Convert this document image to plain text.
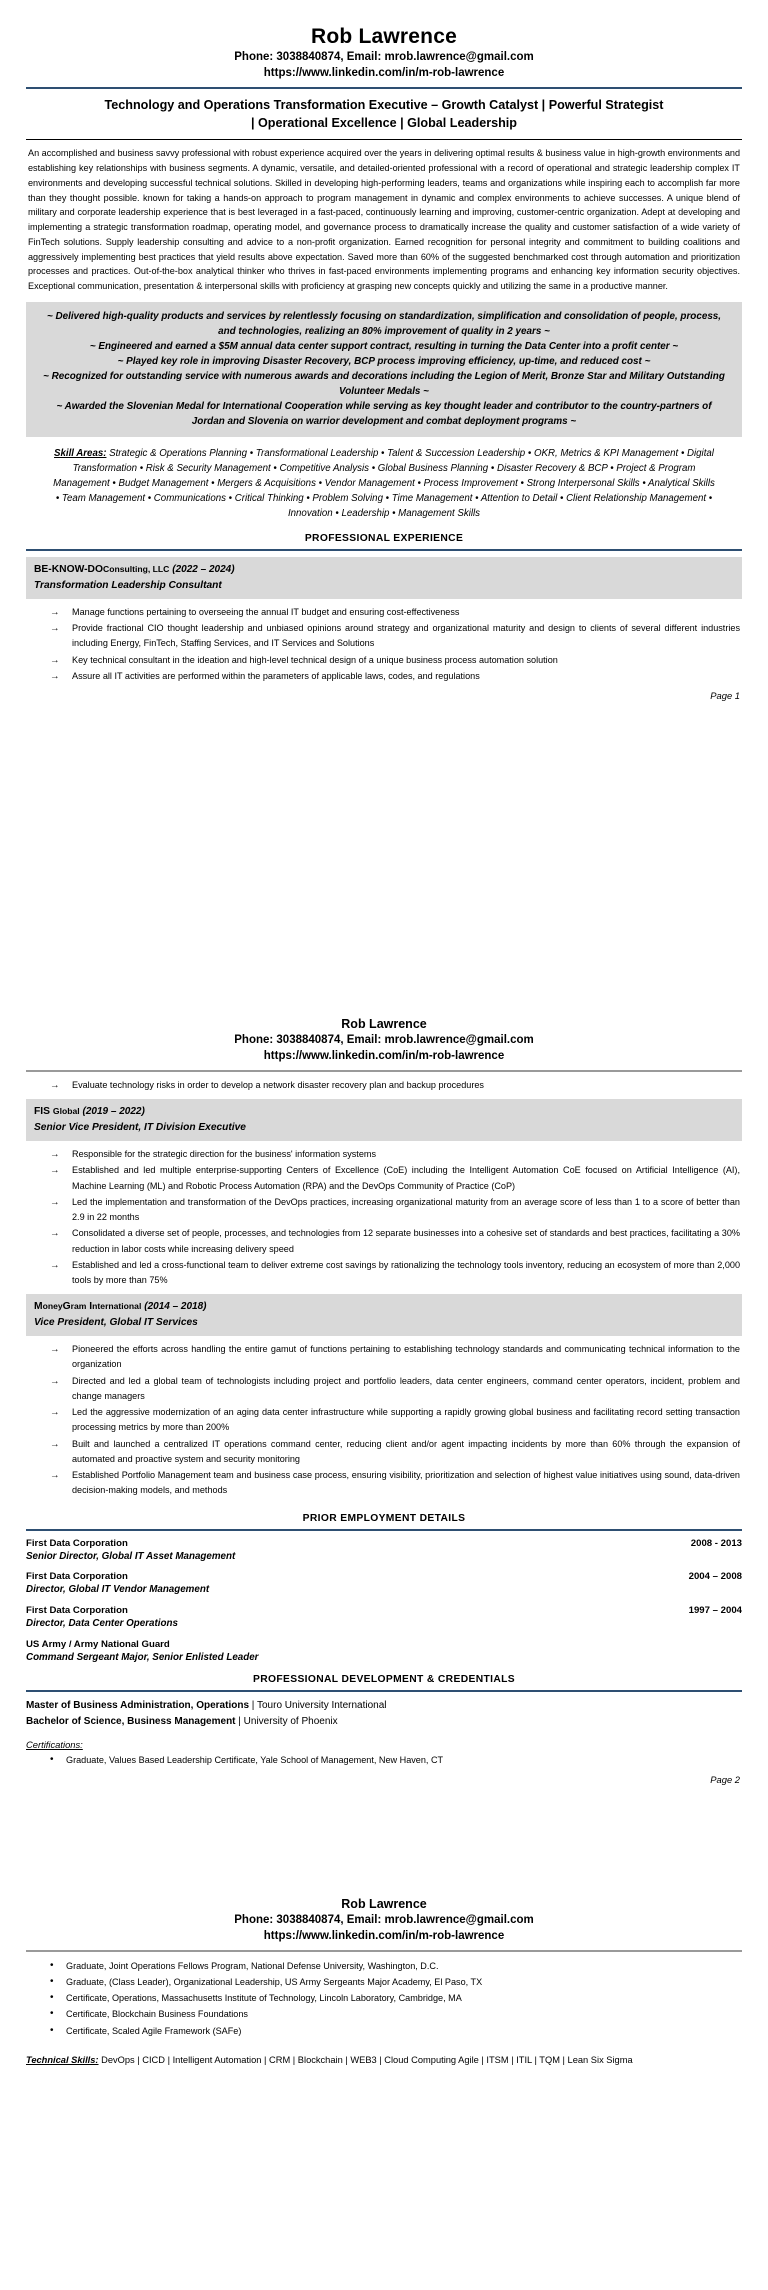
Rob Lawrence
Phone: 3038840874, Email: mrob.lawrence@gmail.com
https://www.linkedin.com/in/m-rob-lawrence
Technology and Operations Transformation Executive – Growth Catalyst | Powerful Strategist
| Operational Excellence | Global Leadership
An accomplished and business savvy professional with robust experience acquired over the years in delivering optimal results & business value in high-growth environments and establishing key relationships with business segments. A dynamic, versatile, and detailed-oriented professional with a record of operational and strategic leadership complex IT environments and developing successful technical solutions. Skilled in developing high-performing leaders, teams and organizations while inspiring each to accomplish far more than they thought possible. known for taking a hands-on approach to program management in dynamic and complex environments to achieve successes. A unique blend of military and corporate leadership experience that is best leveraged in a fast-paced, continuously learning and improving, customer-centric organization. Adept at developing and implementing a strategic transformation roadmap, operating model, and governance process to dramatically increase the quality and customer satisfaction of a wide variety of FinTech solutions. Supply leadership consulting and advice to a non-profit organization. Earned recognition for personal integrity and commitment to building coalitions and aggressively implementing best practices that yield results above expectation. Saved more than 60% of the suggested benchmarked cost through automation and prioritization processes and practices. Out-of-the-box analytical thinker who thrives in fast-paced environments implementing programs and enhancing key information security objectives. Exceptional communication, presentation & interpersonal skills with proficiency at grasping new concepts quickly and utilizing the same in a productive manner.
~ Delivered high-quality products and services by relentlessly focusing on standardization, simplification and consolidation of people, process, and technologies, realizing an 80% improvement of quality in 2 years ~
~ Engineered and earned a $5M annual data center support contract, resulting in turning the Data Center into a profit center ~
~ Played key role in improving Disaster Recovery, BCP process improving efficiency, up-time, and reduced cost ~
~ Recognized for outstanding service with numerous awards and decorations including the Legion of Merit, Bronze Star and Military Outstanding Volunteer Medals ~
~ Awarded the Slovenian Medal for International Cooperation while serving as key thought leader and contributor to the country-partners of Jordan and Slovenia on warrior development and combat deployment programs ~
Skill Areas: Strategic & Operations Planning • Transformational Leadership • Talent & Succession Leadership • OKR, Metrics & KPI Management • Digital Transformation • Risk & Security Management • Competitive Analysis • Global Business Planning • Disaster Recovery & BCP • Project & Program Management • Budget Management • Mergers & Acquisitions • Vendor Management • Process Improvement • Strong Interpersonal Skills • Analytical Skills • Team Management • Communications • Critical Thinking • Problem Solving • Time Management • Attention to Detail • Client Relationship Management • Innovation • Leadership • Management Skills
PROFESSIONAL EXPERIENCE
BE-KNOW-DOConsulting, LLC (2022 – 2024)
Transformation Leadership Consultant
→ Manage functions pertaining to overseeing the annual IT budget and ensuring cost-effectiveness
→ Provide fractional CIO thought leadership and unbiased opinions around strategy and organizational maturity and design to clients of several different industries including Energy, FinTech, Staffing Services, and IT Services and Solutions
→ Key technical consultant in the ideation and high-level technical design of a unique business process automation solution
→ Assure all IT activities are performed within the parameters of applicable laws, codes, and regulations
Page 1
Rob Lawrence
Phone: 3038840874, Email: mrob.lawrence@gmail.com
https://www.linkedin.com/in/m-rob-lawrence
→ Evaluate technology risks in order to develop a network disaster recovery plan and backup procedures
FIS Global (2019 – 2022)
Senior Vice President, IT Division Executive
→ Responsible for the strategic direction for the business' information systems
→ Established and led multiple enterprise-supporting Centers of Excellence (CoE) including the Intelligent Automation CoE focused on Artificial Intelligence (AI), Machine Learning (ML) and Robotic Process Automation (RPA) and the DevOps Community of Practice (CoP)
→ Led the implementation and transformation of the DevOps practices, increasing organizational maturity from an average score of less than 1 to a score of better than 2.9 in 22 months
→ Consolidated a diverse set of people, processes, and technologies from 12 separate businesses into a cohesive set of standards and best practices, facilitating a 30% reduction in labor costs while increasing delivery speed
→ Established and led a cross-functional team to deliver extreme cost savings by rationalizing the technology tools inventory, reducing an ecosystem of more than 2,000 tools by more than 75%
MoneyGram International (2014 – 2018)
Vice President, Global IT Services
→ Pioneered the efforts across handling the entire gamut of functions pertaining to establishing technology standards and communicating technical information to the organization
→ Directed and led a global team of technologists including project and portfolio leaders, data center engineers, command center operators, incident, problem and change managers
→ Led the aggressive modernization of an aging data center infrastructure while supporting a rapidly growing global business and facilitating record setting transaction processing metrics by more than 200%
→ Built and launched a centralized IT operations command center, reducing client and/or agent impacting incidents by more than 60% through the expansion of automated and proactive system and security monitoring
→ Established Portfolio Management team and business case process, ensuring visibility, prioritization and selection of highest value initiatives using sound, data-driven decision-making models, and methods
PRIOR EMPLOYMENT DETAILS
First Data Corporation	2008 - 2013
Senior Director, Global IT Asset Management
First Data Corporation	2004 – 2008
Director, Global IT Vendor Management
First Data Corporation	1997 – 2004
Director, Data Center Operations
US Army / Army National Guard
Command Sergeant Major, Senior Enlisted Leader
PROFESSIONAL DEVELOPMENT & CREDENTIALS
Master of Business Administration, Operations | Touro University International
Bachelor of Science, Business Management | University of Phoenix
Certifications:
• Graduate, Values Based Leadership Certificate, Yale School of Management, New Haven, CT
Page 2
Rob Lawrence
Phone: 3038840874, Email: mrob.lawrence@gmail.com
https://www.linkedin.com/in/m-rob-lawrence
• Graduate, Joint Operations Fellows Program, National Defense University, Washington, D.C.
• Graduate, (Class Leader), Organizational Leadership, US Army Sergeants Major Academy, El Paso, TX
• Certificate, Operations, Massachusetts Institute of Technology, Lincoln Laboratory, Cambridge, MA
• Certificate, Blockchain Business Foundations
• Certificate, Scaled Agile Framework (SAFe)
Technical Skills: DevOps | CICD | Intelligent Automation | CRM | Blockchain | WEB3 | Cloud Computing Agile | ITSM | ITIL | TQM | Lean Six Sigma
